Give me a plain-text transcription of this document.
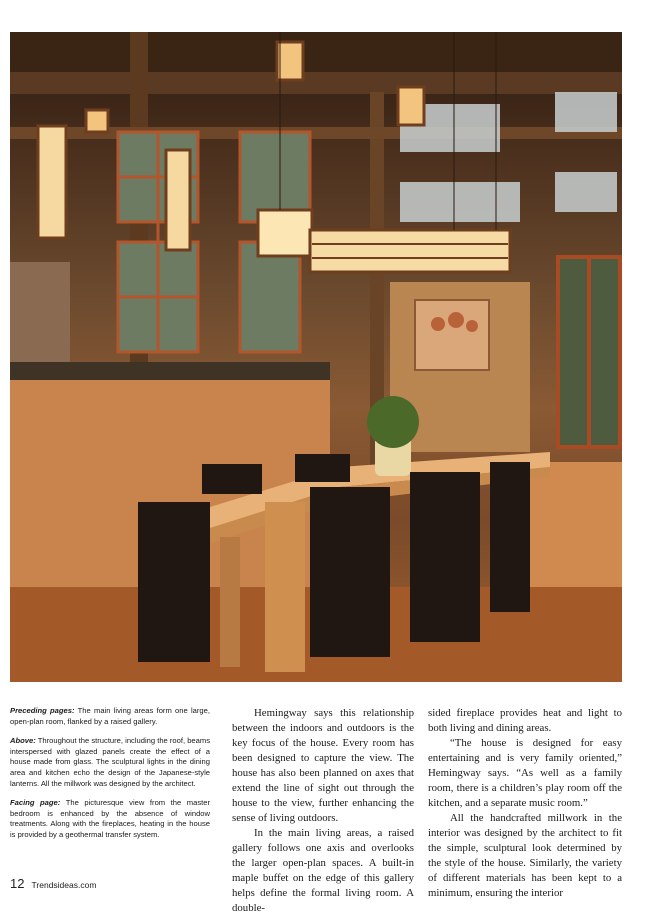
Preceding pages: The main living areas form one large, open-plan room, flanked by a raised gallery.

Above: Throughout the structure, including the roof, beams interspersed with glazed panels create the effect of a house made from glass. The sculptural lights in the dining area and kitchen echo the design of the Japanese-style lanterns. All the millwork was designed by the architect.

Facing page: The picturesque view from the master bedroom is enhanced by the absence of window treatments. Along with the fireplaces, heating in the house is provided by a geothermal transfer system.

Hemingway says this relationship between the indoors and outdoors is the key focus of the house. Every room has been designed to capture the view. The house has also been planned on axes that extend the line of sight out through the house to the view, further enhancing the sense of living outdoors.

In the main living areas, a raised gallery follows one axis and overlooks the larger open-plan spaces. A built-in maple buffet on the edge of this gallery helps define the formal living room. A double-

sided fireplace provides heat and light to both living and dining areas.

“The house is designed for easy entertaining and is very family oriented,” Hemingway says. “As well as a family room, there is a children’s play room off the kitchen, and a separate music room.”

All the handcrafted millwork in the interior was designed by the architect to fit the simple, sculptural look determined by the style of the house. Similarly, the variety of different materials has been kept to a minimum, ensuring the interior

12 Trendsideas.com
